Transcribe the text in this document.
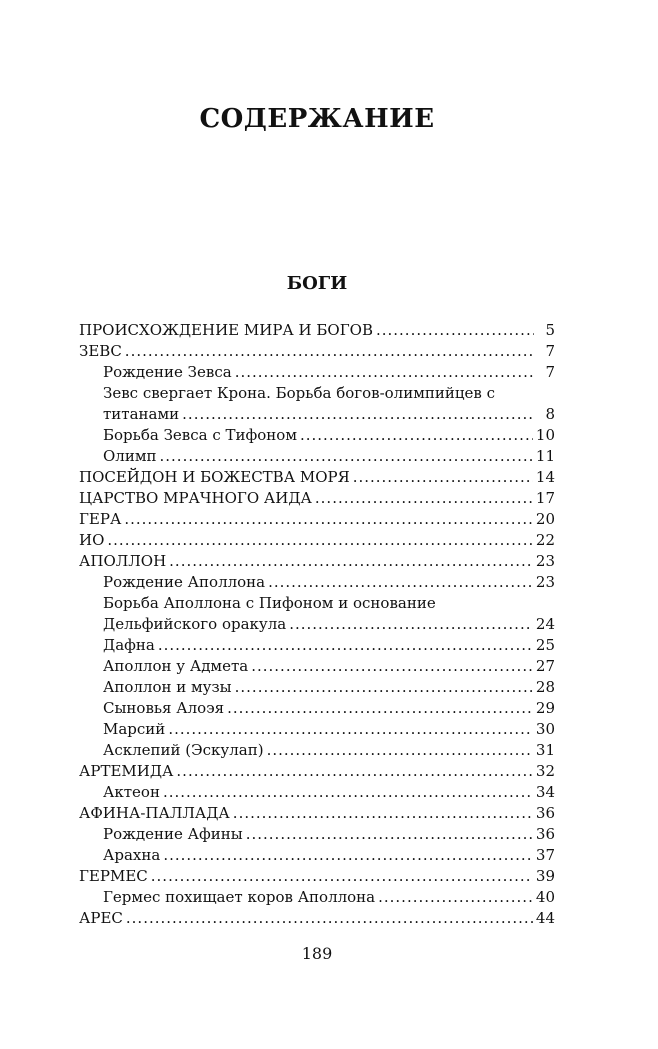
СОДЕРЖАНИЕ
БОГИ
ПРОИСХОЖДЕНИЕ МИРА И БОГОВ .....	5
ЗЕВС .....	7
Рождение Зевса .....	7
Зевс свергает Крона. Борьба богов-олимпийцев с
титанами .....	8
Борьба Зевса с Тифоном .....	10
Олимп .....	11
ПОСЕЙДОН И БОЖЕСТВА МОРЯ .....	14
ЦАРСТВО МРАЧНОГО АИДА .....	17
ГЕРА .....	20
ИО .....	22
АПОЛЛОН .....	23
Рождение Аполлона .....	23
Борьба Аполлона с Пифоном и основание
Дельфийского оракула .....	24
Дафна .....	25
Аполлон у Адмета .....	27
Аполлон и музы .....	28
Сыновья Алоэя .....	29
Марсий .....	30
Асклепий (Эскулап) .....	31
АРТЕМИДА .....	32
Актеон .....	34
АФИНА-ПАЛЛАДА .....	36
Рождение Афины .....	36
Арахна .....	37
ГЕРМЕС .....	39
Гермес похищает коров Аполлона .....	40
АРЕС .....	44
189
